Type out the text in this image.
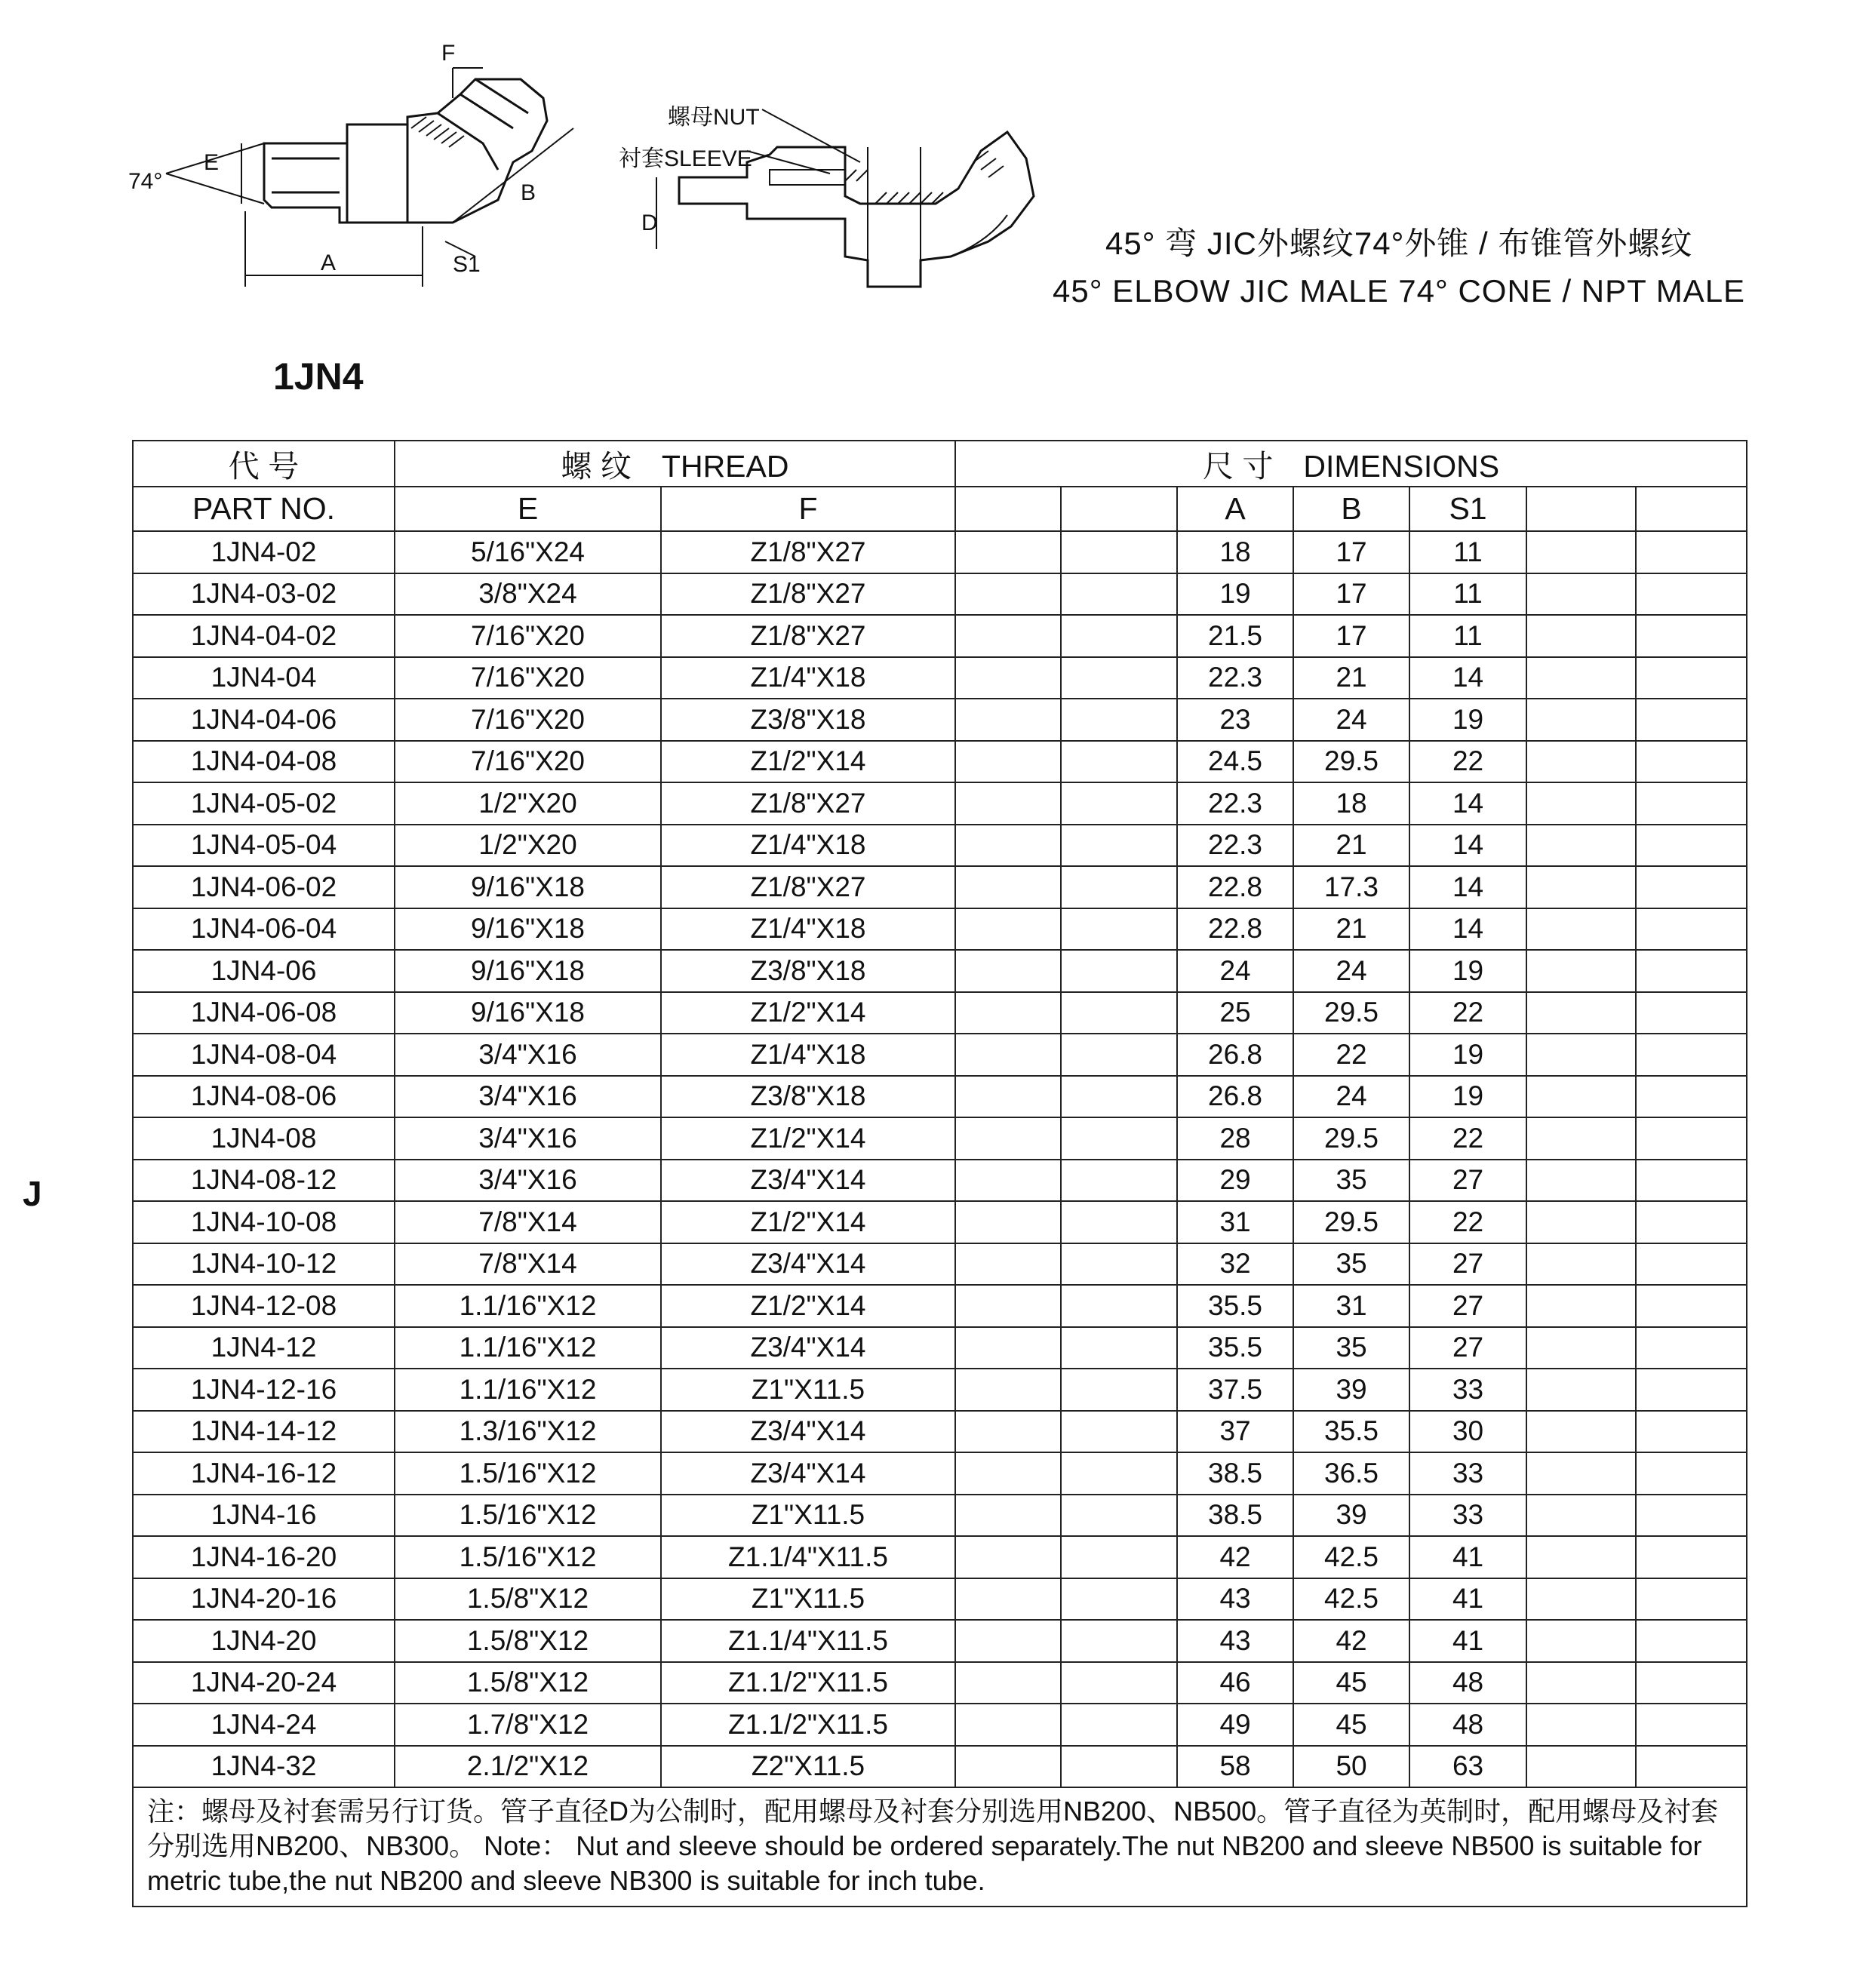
74°
E
F
A
B
S1
D
螺母NUT
衬套SLEEVE
45° 弯 JIC外螺纹74°外锥 / 布锥管外螺纹
45° ELBOW JIC MALE 74° CONE / NPT MALE
1JN4
J
代 号	螺 纹 THREAD		尺 寸 DIMENSIONS						
PART NO.	E	F			A	B	S1		
1JN4-02	5/16"X24	Z1/8"X27			18	17	11		
1JN4-03-02	3/8"X24	Z1/8"X27			19	17	11		
1JN4-04-02	7/16"X20	Z1/8"X27			21.5	17	11		
1JN4-04	7/16"X20	Z1/4"X18			22.3	21	14		
1JN4-04-06	7/16"X20	Z3/8"X18			23	24	19		
1JN4-04-08	7/16"X20	Z1/2"X14			24.5	29.5	22		
1JN4-05-02	1/2"X20	Z1/8"X27			22.3	18	14		
1JN4-05-04	1/2"X20	Z1/4"X18			22.3	21	14		
1JN4-06-02	9/16"X18	Z1/8"X27			22.8	17.3	14		
1JN4-06-04	9/16"X18	Z1/4"X18			22.8	21	14		
1JN4-06	9/16"X18	Z3/8"X18			24	24	19		
1JN4-06-08	9/16"X18	Z1/2"X14			25	29.5	22		
1JN4-08-04	3/4"X16	Z1/4"X18			26.8	22	19		
1JN4-08-06	3/4"X16	Z3/8"X18			26.8	24	19		
1JN4-08	3/4"X16	Z1/2"X14			28	29.5	22		
1JN4-08-12	3/4"X16	Z3/4"X14			29	35	27		
1JN4-10-08	7/8"X14	Z1/2"X14			31	29.5	22		
1JN4-10-12	7/8"X14	Z3/4"X14			32	35	27		
1JN4-12-08	1.1/16"X12	Z1/2"X14			35.5	31	27		
1JN4-12	1.1/16"X12	Z3/4"X14			35.5	35	27		
1JN4-12-16	1.1/16"X12	Z1"X11.5			37.5	39	33		
1JN4-14-12	1.3/16"X12	Z3/4"X14			37	35.5	30		
1JN4-16-12	1.5/16"X12	Z3/4"X14			38.5	36.5	33		
1JN4-16	1.5/16"X12	Z1"X11.5			38.5	39	33		
1JN4-16-20	1.5/16"X12	Z1.1/4"X11.5			42	42.5	41		
1JN4-20-16	1.5/8"X12	Z1"X11.5			43	42.5	41		
1JN4-20	1.5/8"X12	Z1.1/4"X11.5			43	42	41		
1JN4-20-24	1.5/8"X12	Z1.1/2"X11.5			46	45	48		
1JN4-24	1.7/8"X12	Z1.1/2"X11.5			49	45	48		
1JN4-32	2.1/2"X12	Z2"X11.5			58	50	63		
注：螺母及衬套需另行订货。管子直径D为公制时，配用螺母及衬套分别选用NB200、NB500。管子直径为英制时，配用螺母及衬套分别选用NB200、NB300。 Note： Nut and sleeve should be ordered separately.The nut NB200 and sleeve NB500 is suitable for metric tube,the nut NB200 and sleeve NB300 is suitable for inch tube.									
